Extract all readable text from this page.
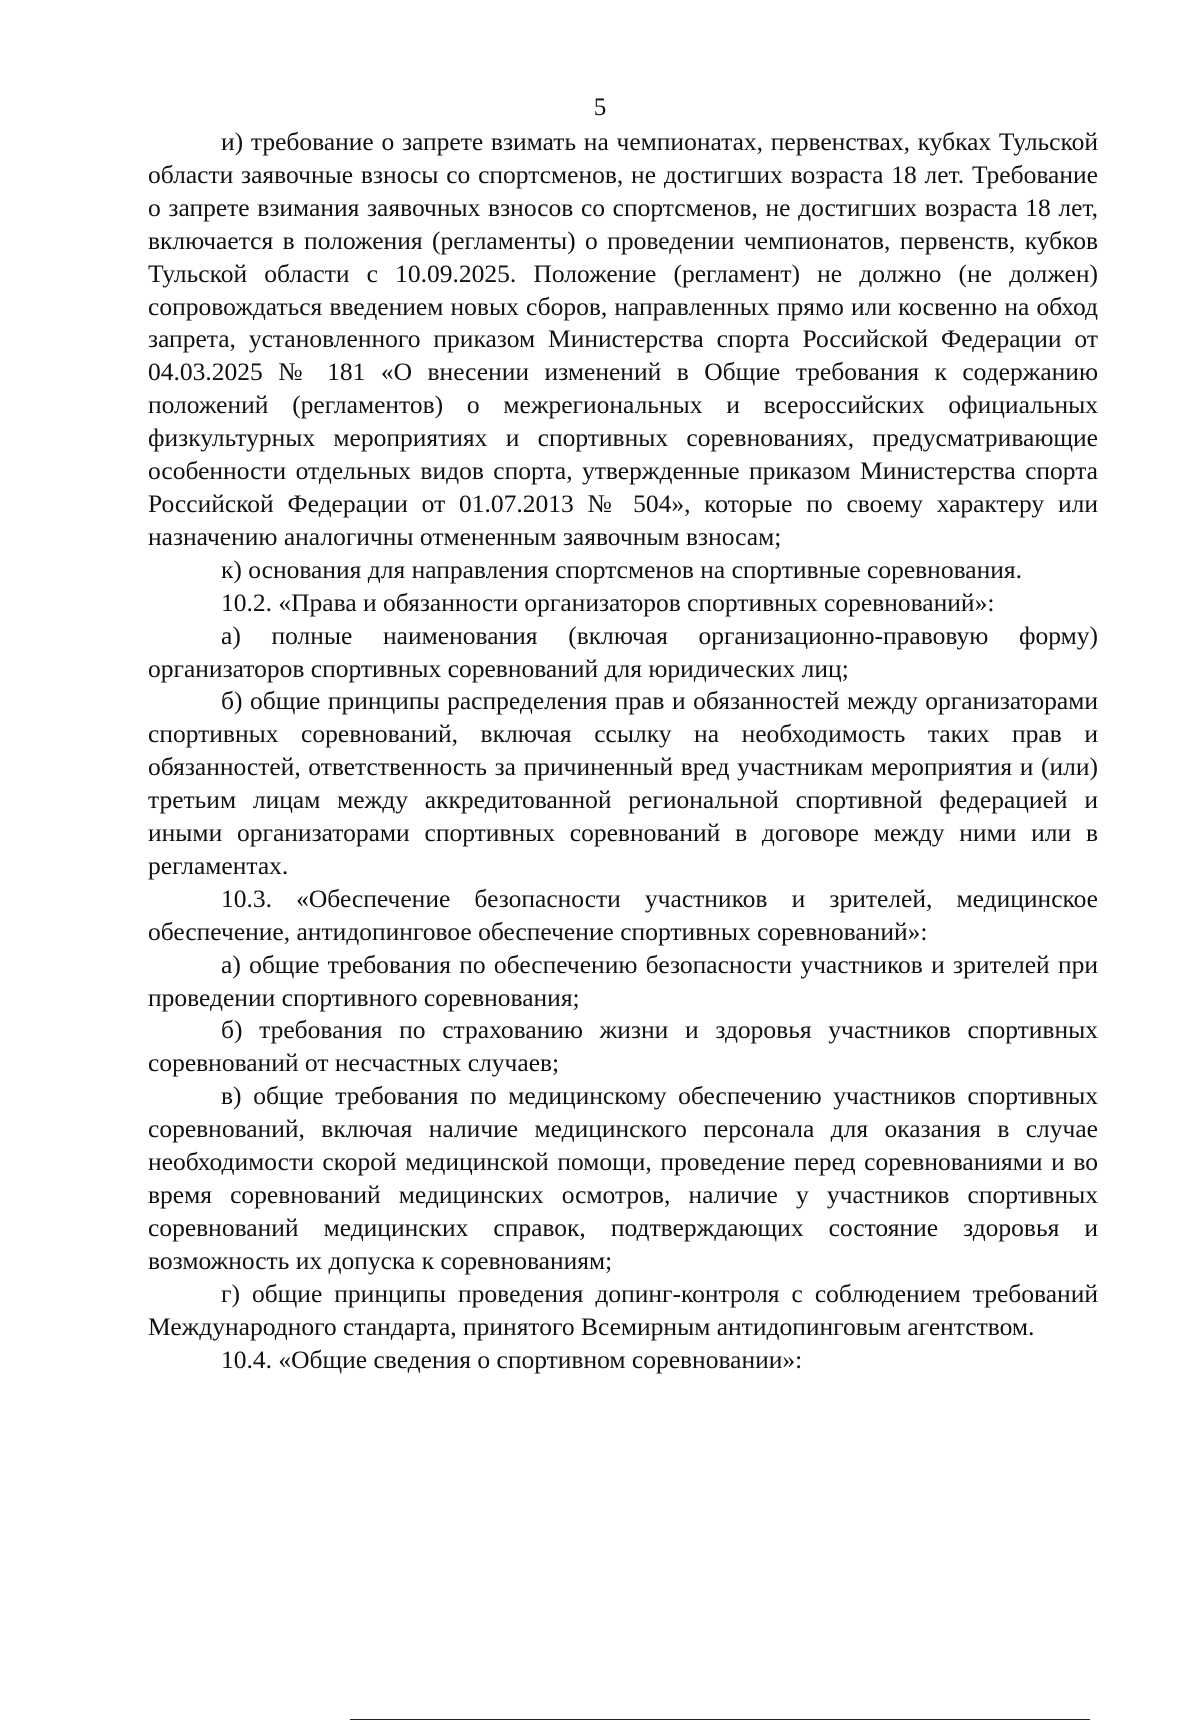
5

и) требование о запрете взимать на чемпионатах, первенствах, кубках Тульской области заявочные взносы со спортсменов, не достигших возраста 18 лет. Требование о запрете взимания заявочных взносов со спортсменов, не достигших возраста 18 лет, включается в положения (регламенты) о проведении чемпионатов, первенств, кубков Тульской области с 10.09.2025. Положение (регламент) не должно (не должен) сопровождаться введением новых сборов, направленных прямо или косвенно на обход запрета, установленного приказом Министерства спорта Российской Федерации от 04.03.2025 № 181 «О внесении изменений в Общие требования к содержанию положений (регламентов) о межрегиональных и всероссийских официальных физкультурных мероприятиях и спортивных соревнованиях, предусматривающие особенности отдельных видов спорта, утвержденные приказом Министерства спорта Российской Федерации от 01.07.2013 № 504», которые по своему характеру или назначению аналогичны отмененным заявочным взносам;

к) основания для направления спортсменов на спортивные соревнования.

10.2. «Права и обязанности организаторов спортивных соревнований»:

а) полные наименования (включая организационно-правовую форму) организаторов спортивных соревнований для юридических лиц;

б) общие принципы распределения прав и обязанностей между организаторами спортивных соревнований, включая ссылку на необходимость таких прав и обязанностей, ответственность за причиненный вред участникам мероприятия и (или) третьим лицам между аккредитованной региональной спортивной федерацией и иными организаторами спортивных соревнований в договоре между ними или в регламентах.

10.3. «Обеспечение безопасности участников и зрителей, медицинское обеспечение, антидопинговое обеспечение спортивных соревнований»:

а) общие требования по обеспечению безопасности участников и зрителей при проведении спортивного соревнования;

б) требования по страхованию жизни и здоровья участников спортивных соревнований от несчастных случаев;

в) общие требования по медицинскому обеспечению участников спортивных соревнований, включая наличие медицинского персонала для оказания в случае необходимости скорой медицинской помощи, проведение перед соревнованиями и во время соревнований медицинских осмотров, наличие у участников спортивных соревнований медицинских справок, подтверждающих состояние здоровья и возможность их допуска к соревнованиям;

г) общие принципы проведения допинг-контроля с соблюдением требований Международного стандарта, принятого Всемирным антидопинговым агентством.

10.4. «Общие сведения о спортивном соревновании»:
